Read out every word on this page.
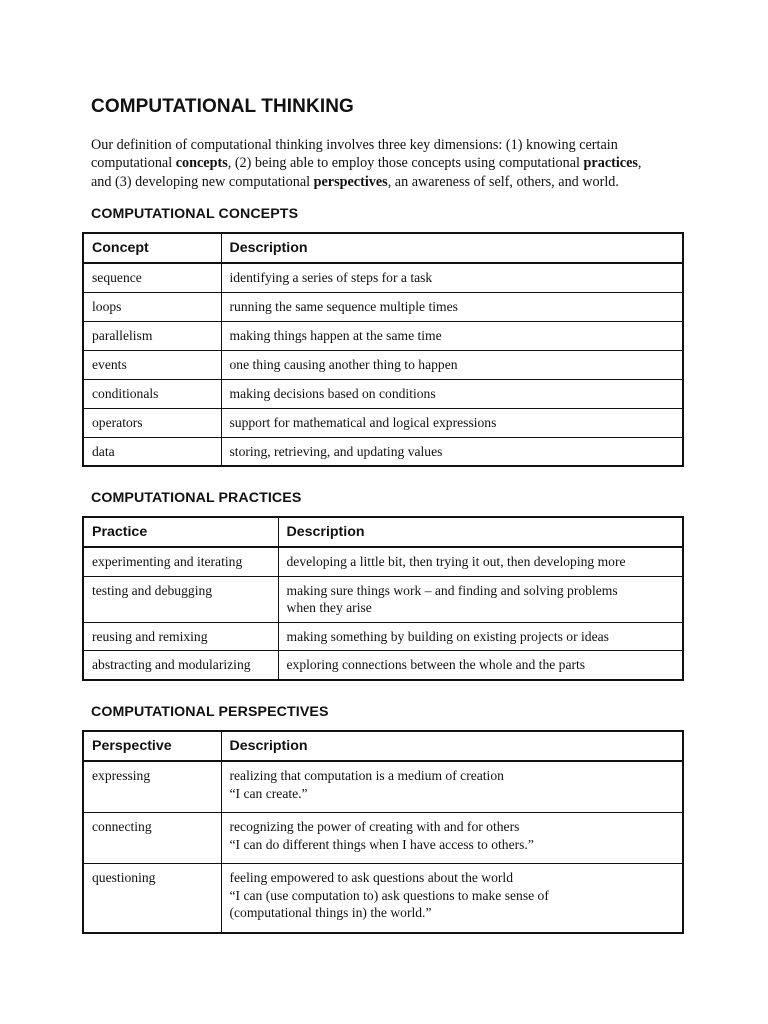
COMPUTATIONAL THINKING

Our definition of computational thinking involves three key dimensions: (1) knowing certain
computational concepts, (2) being able to employ those concepts using computational practices,
and (3) developing new computational perspectives, an awareness of self, others, and world.

COMPUTATIONAL CONCEPTS
Concept	Description
sequence	identifying a series of steps for a task
loops	running the same sequence multiple times
parallelism	making things happen at the same time
events	one thing causing another thing to happen
conditionals	making decisions based on conditions
operators	support for mathematical and logical expressions
data	storing, retrieving, and updating values
COMPUTATIONAL PRACTICES
Practice	Description
experimenting and iterating	developing a little bit, then trying it out, then developing more

testing and debugging	making sure things work – and finding and solving problems
when they arise

reusing and remixing	making something by building on existing projects or ideas

abstracting and modularizing	exploring connections between the whole and the parts
COMPUTATIONAL PERSPECTIVES
Perspective	Description
expressing	realizing that computation is a medium of creation
“I can create.”

connecting	recognizing the power of creating with and for others
“I can do different things when I have access to others.”

questioning	feeling empowered to ask questions about the world
“I can (use computation to) ask questions to make sense of
(computational things in) the world.”
